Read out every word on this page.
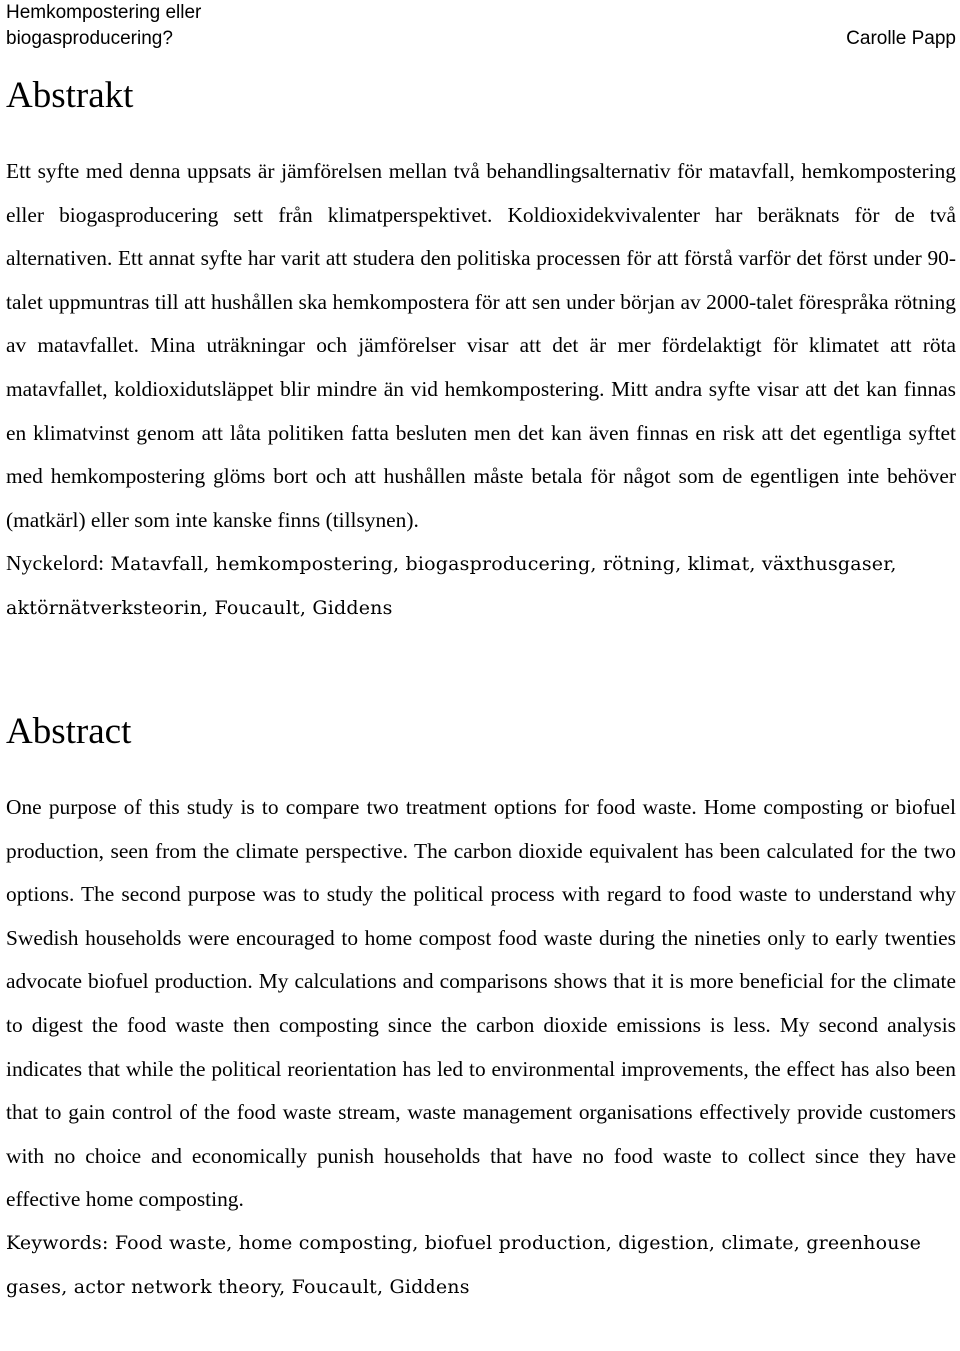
Hemkompostering eller biogasproducering?	Carolle Papp
Abstrakt

Ett syfte med denna uppsats är jämförelsen mellan två behandlingsalternativ för matavfall, hemkompostering eller biogasproducering sett från klimatperspektivet. Koldioxidekvivalenter har beräknats för de två alternativen. Ett annat syfte har varit att studera den politiska processen för att förstå varför det först under 90-talet uppmuntras till att hushållen ska hemkompostera för att sen under början av 2000-talet förespråka rötning av matavfallet. Mina uträkningar och jämförelser visar att det är mer fördelaktigt för klimatet att röta matavfallet, koldioxidutsläppet blir mindre än vid hemkompostering. Mitt andra syfte visar att det kan finnas en klimatvinst genom att låta politiken fatta besluten men det kan även finnas en risk att det egentliga syftet med hemkompostering glöms bort och att hushållen måste betala för något som de egentligen inte behöver (matkärl) eller som inte kanske finns (tillsynen).

Nyckelord: Matavfall, hemkompostering, biogasproducering, rötning, klimat, växthusgaser, aktörnätverksteorin, Foucault, Giddens

Abstract

One purpose of this study is to compare two treatment options for food waste. Home composting or biofuel production, seen from the climate perspective. The carbon dioxide equivalent has been calculated for the two options. The second purpose was to study the political process with regard to food waste to understand why Swedish households were encouraged to home compost food waste during the nineties only to early twenties advocate biofuel production. My calculations and comparisons shows that it is more beneficial for the climate to digest the food waste then composting since the carbon dioxide emissions is less. My second analysis indicates that while the political reorientation has led to environmental improvements, the effect has also been that to gain control of the food waste stream, waste management organisations effectively provide customers with no choice and economically punish households that have no food waste to collect since they have effective home composting.

Keywords: Food waste, home composting, biofuel production, digestion, climate, greenhouse gases, actor network theory, Foucault, Giddens
